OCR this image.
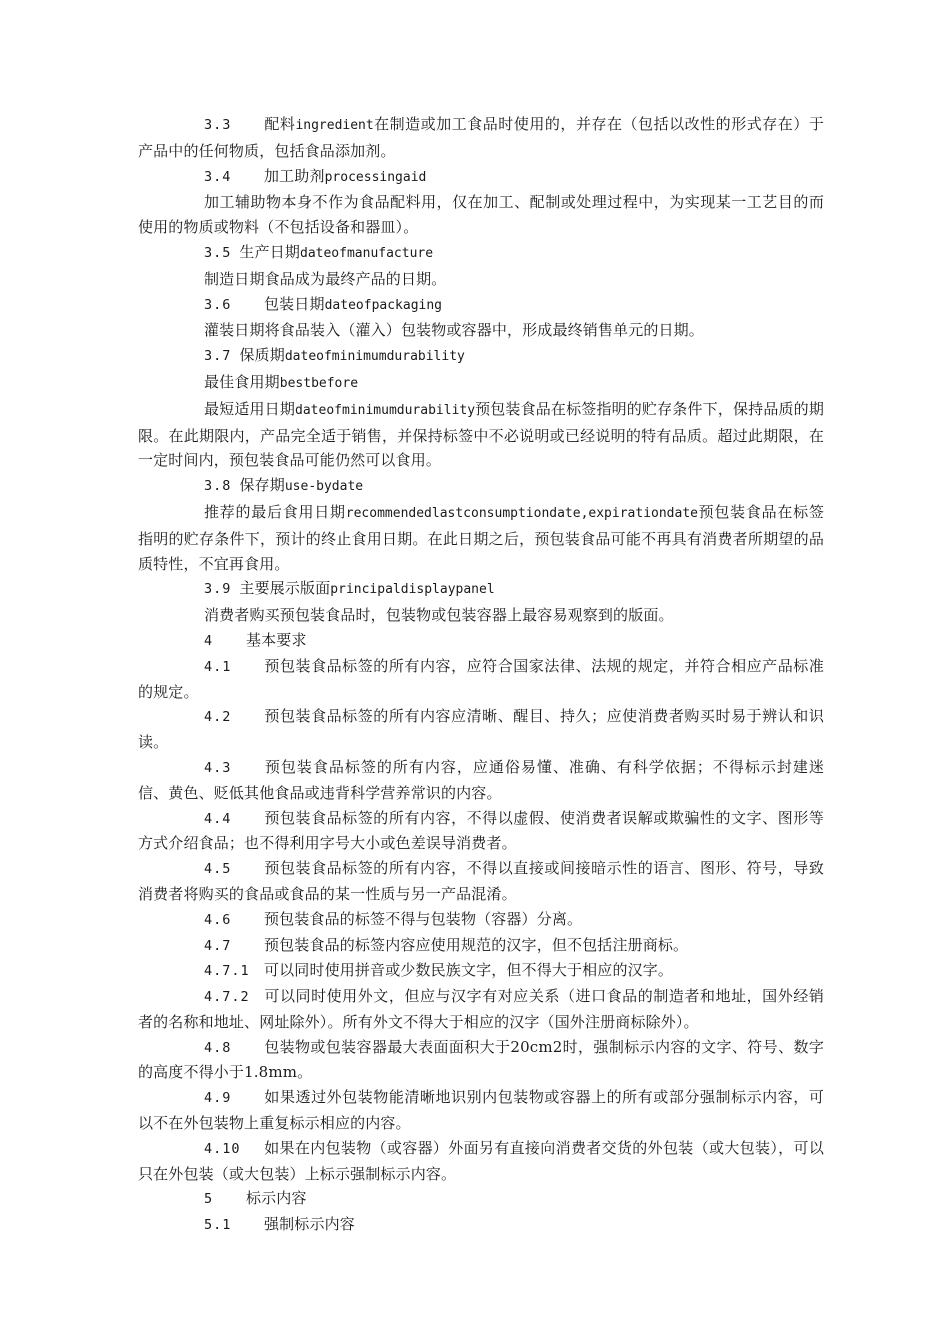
3.3 配料ingredient在制造或加工食品时使用的，并存在（包括以改性的形式存在）于产品中的任何物质，包括食品添加剂。

3.4 加工助剂processingaid

加工辅助物本身不作为食品配料用，仅在加工、配制或处理过程中，为实现某一工艺目的而使用的物质或物料（不包括设备和器皿）。

3.5 生产日期dateofmanufacture

制造日期食品成为最终产品的日期。

3.6 包装日期dateofpackaging

灌装日期将食品装入（灌入）包装物或容器中，形成最终销售单元的日期。

3.7 保质期dateofminimumdurability

最佳食用期bestbefore

最短适用日期dateofminimumdurability预包装食品在标签指明的贮存条件下，保持品质的期限。在此期限内，产品完全适于销售，并保持标签中不必说明或已经说明的特有品质。超过此期限，在一定时间内，预包装食品可能仍然可以食用。

3.8 保存期use-bydate

推荐的最后食用日期recommendedlastconsumptiondate,expirationdate预包装食品在标签指明的贮存条件下，预计的终止食用日期。在此日期之后，预包装食品可能不再具有消费者所期望的品质特性，不宜再食用。

3.9 主要展示版面principaldisplaypanel

消费者购买预包装食品时，包装物或包装容器上最容易观察到的版面。

4 基本要求

4.1 预包装食品标签的所有内容，应符合国家法律、法规的规定，并符合相应产品标准的规定。

4.2 预包装食品标签的所有内容应清晰、醒目、持久；应使消费者购买时易于辨认和识读。

4.3 预包装食品标签的所有内容，应通俗易懂、准确、有科学依据；不得标示封建迷信、黄色、贬低其他食品或违背科学营养常识的内容。

4.4 预包装食品标签的所有内容，不得以虚假、使消费者误解或欺骗性的文字、图形等方式介绍食品；也不得利用字号大小或色差误导消费者。

4.5 预包装食品标签的所有内容，不得以直接或间接暗示性的语言、图形、符号，导致消费者将购买的食品或食品的某一性质与另一产品混淆。

4.6 预包装食品的标签不得与包装物（容器）分离。

4.7 预包装食品的标签内容应使用规范的汉字，但不包括注册商标。

4.7.1 可以同时使用拼音或少数民族文字，但不得大于相应的汉字。

4.7.2 可以同时使用外文，但应与汉字有对应关系（进口食品的制造者和地址，国外经销者的名称和地址、网址除外）。所有外文不得大于相应的汉字（国外注册商标除外）。

4.8 包装物或包装容器最大表面面积大于20cm2时，强制标示内容的文字、符号、数字的高度不得小于1.8mm。

4.9 如果透过外包装物能清晰地识别内包装物或容器上的所有或部分强制标示内容，可以不在外包装物上重复标示相应的内容。

4.10 如果在内包装物（或容器）外面另有直接向消费者交货的外包装（或大包装），可以只在外包装（或大包装）上标示强制标示内容。

5 标示内容

5.1 强制标示内容
